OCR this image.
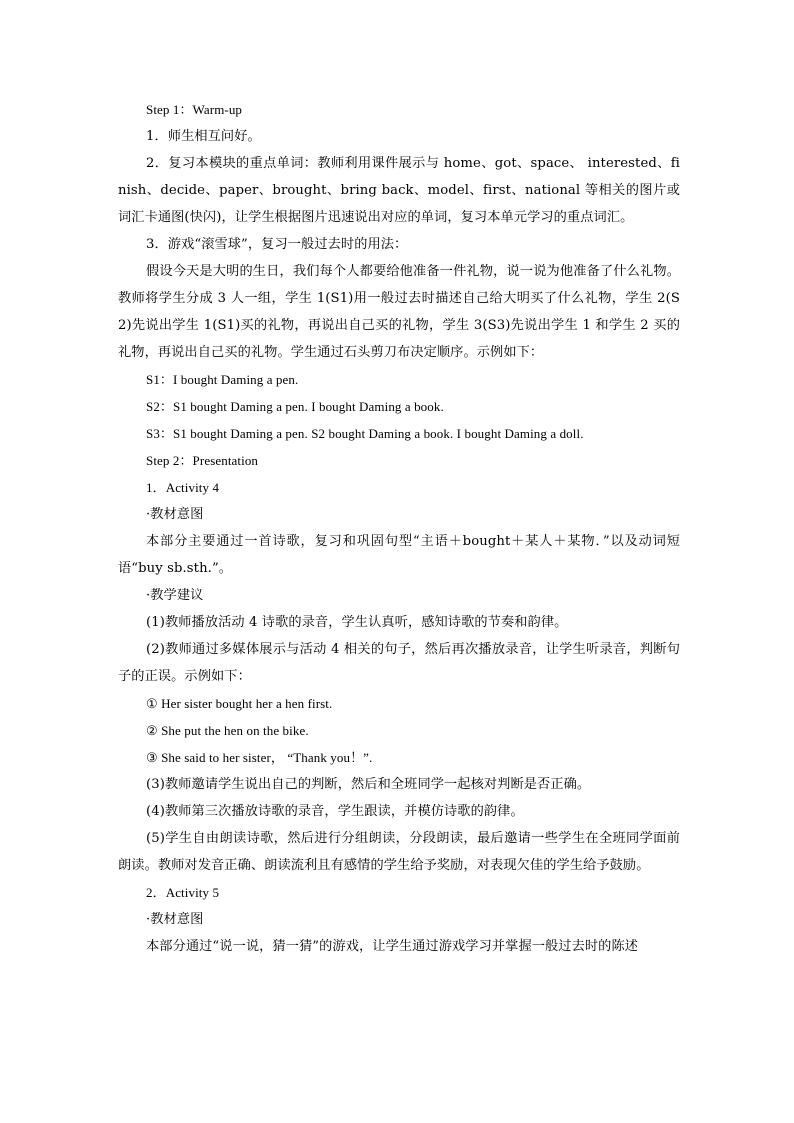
Step 1：Warm-up

1．师生相互问好。

2．复习本模块的重点单词：教师利用课件展示与 home、got、space、 interested、finish、decide、paper、brought、bring back、model、first、national 等相关的图片或词汇卡通图(快闪)，让学生根据图片迅速说出对应的单词，复习本单元学习的重点词汇。

3．游戏“滚雪球”，复习一般过去时的用法：

假设今天是大明的生日，我们每个人都要给他准备一件礼物，说一说为他准备了什么礼物。教师将学生分成 3 人一组，学生 1(S1)用一般过去时描述自己给大明买了什么礼物，学生 2(S2)先说出学生 1(S1)买的礼物，再说出自己买的礼物，学生 3(S3)先说出学生 1 和学生 2 买的礼物，再说出自己买的礼物。学生通过石头剪刀布决定顺序。示例如下：

S1：I bought Daming a pen.

S2：S1 bought Daming a pen. I bought Daming a book.

S3：S1 bought Daming a pen. S2 bought Daming a book. I bought Daming a doll.

Step 2：Presentation

1．Activity 4

·教材意图

本部分主要通过一首诗歌，复习和巩固句型“主语＋bought＋某人＋某物．”以及动词短语“buy sb.sth.”。

·教学建议

(1)教师播放活动 4 诗歌的录音，学生认真听，感知诗歌的节奏和韵律。

(2)教师通过多媒体展示与活动 4 相关的句子，然后再次播放录音，让学生听录音，判断句子的正误。示例如下：

① Her sister bought her a hen first.

② She put the hen on the bike.

③ She said to her sister， “Thank you！”.

(3)教师邀请学生说出自己的判断，然后和全班同学一起核对判断是否正确。

(4)教师第三次播放诗歌的录音，学生跟读，并模仿诗歌的韵律。

(5)学生自由朗读诗歌，然后进行分组朗读，分段朗读，最后邀请一些学生在全班同学面前朗读。教师对发音正确、朗读流利且有感情的学生给予奖励，对表现欠佳的学生给予鼓励。

2．Activity 5

·教材意图

本部分通过“说一说，猜一猜”的游戏，让学生通过游戏学习并掌握一般过去时的陈述
